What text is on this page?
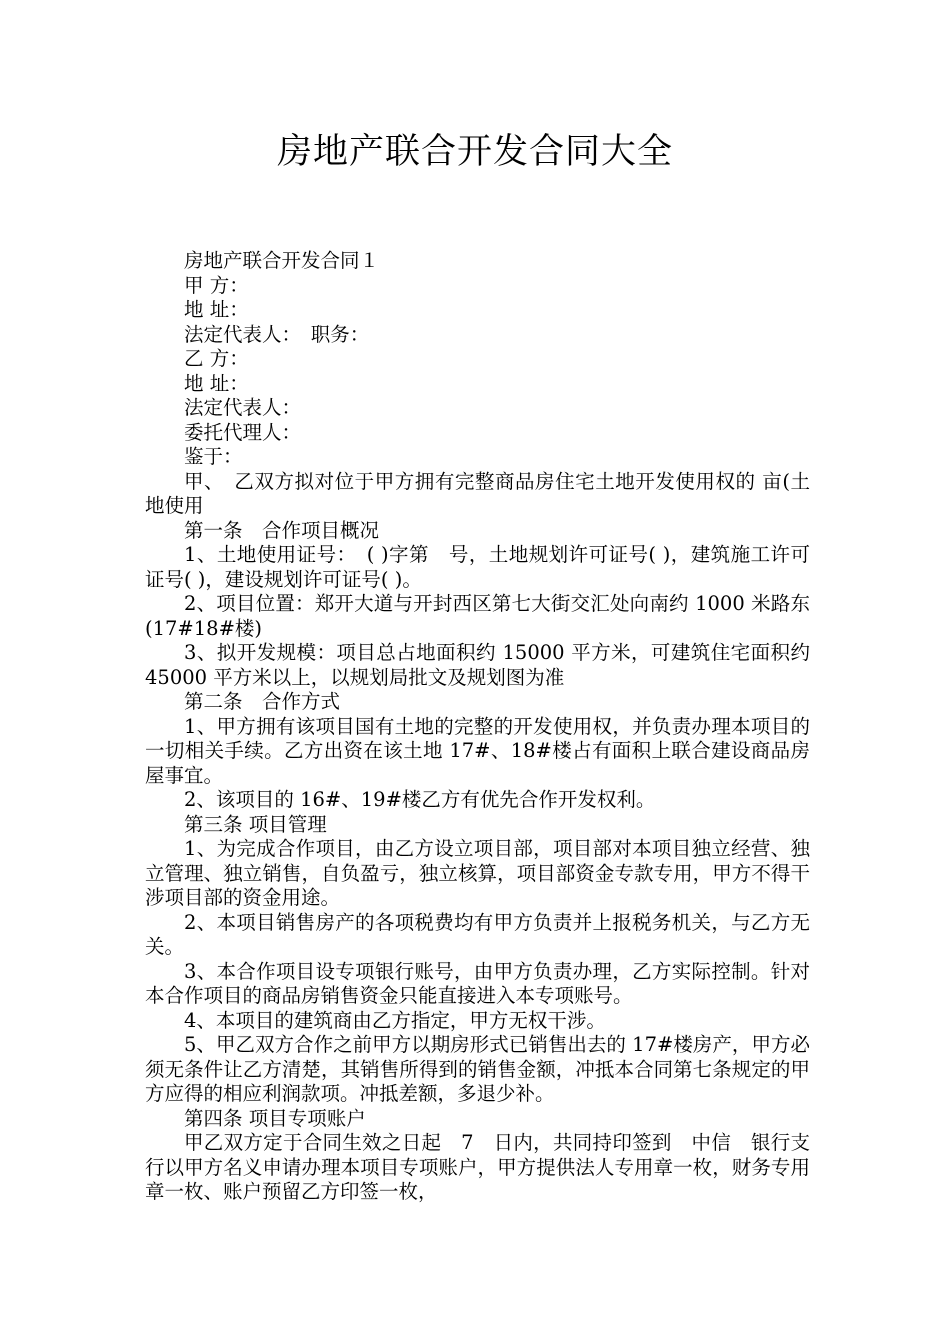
房地产联合开发合同大全

房地产联合开发合同１

甲 方：

地 址：

法定代表人：　职务：

乙 方：

地 址：

法定代表人：

委托代理人：

鉴于：

甲、　乙双方拟对位于甲方拥有完整商品房住宅土地开发使用权的 亩(土地使用

第一条　合作项目概况

1、土地使用证号：　( )字第　号，土地规划许可证号( )，建筑施工许可证号( )，建设规划许可证号( )。

2、项目位置：郑开大道与开封西区第七大街交汇处向南约 1000 米路东(17#18#楼)

3、拟开发规模：项目总占地面积约 15000 平方米，可建筑住宅面积约 45000 平方米以上，以规划局批文及规划图为准

第二条　合作方式

1、甲方拥有该项目国有土地的完整的开发使用权，并负责办理本项目的一切相关手续。乙方出资在该土地 17#、18#楼占有面积上联合建设商品房屋事宜。

2、该项目的 16#、19#楼乙方有优先合作开发权利。

第三条 项目管理

1、为完成合作项目，由乙方设立项目部，项目部对本项目独立经营、独立管理、独立销售，自负盈亏，独立核算，项目部资金专款专用，甲方不得干涉项目部的资金用途。

2、本项目销售房产的各项税费均有甲方负责并上报税务机关，与乙方无关。

3、本合作项目设专项银行账号，由甲方负责办理，乙方实际控制。针对本合作项目的商品房销售资金只能直接进入本专项账号。

4、本项目的建筑商由乙方指定，甲方无权干涉。

5、甲乙双方合作之前甲方以期房形式已销售出去的 17#楼房产，甲方必须无条件让乙方清楚，其销售所得到的销售金额，冲抵本合同第七条规定的甲方应得的相应利润款项。冲抵差额，多退少补。

第四条 项目专项账户

甲乙双方定于合同生效之日起　7　日内，共同持印签到　中信　银行支行以甲方名义申请办理本项目专项账户，甲方提供法人专用章一枚，财务专用章一枚、账户预留乙方印签一枚，
